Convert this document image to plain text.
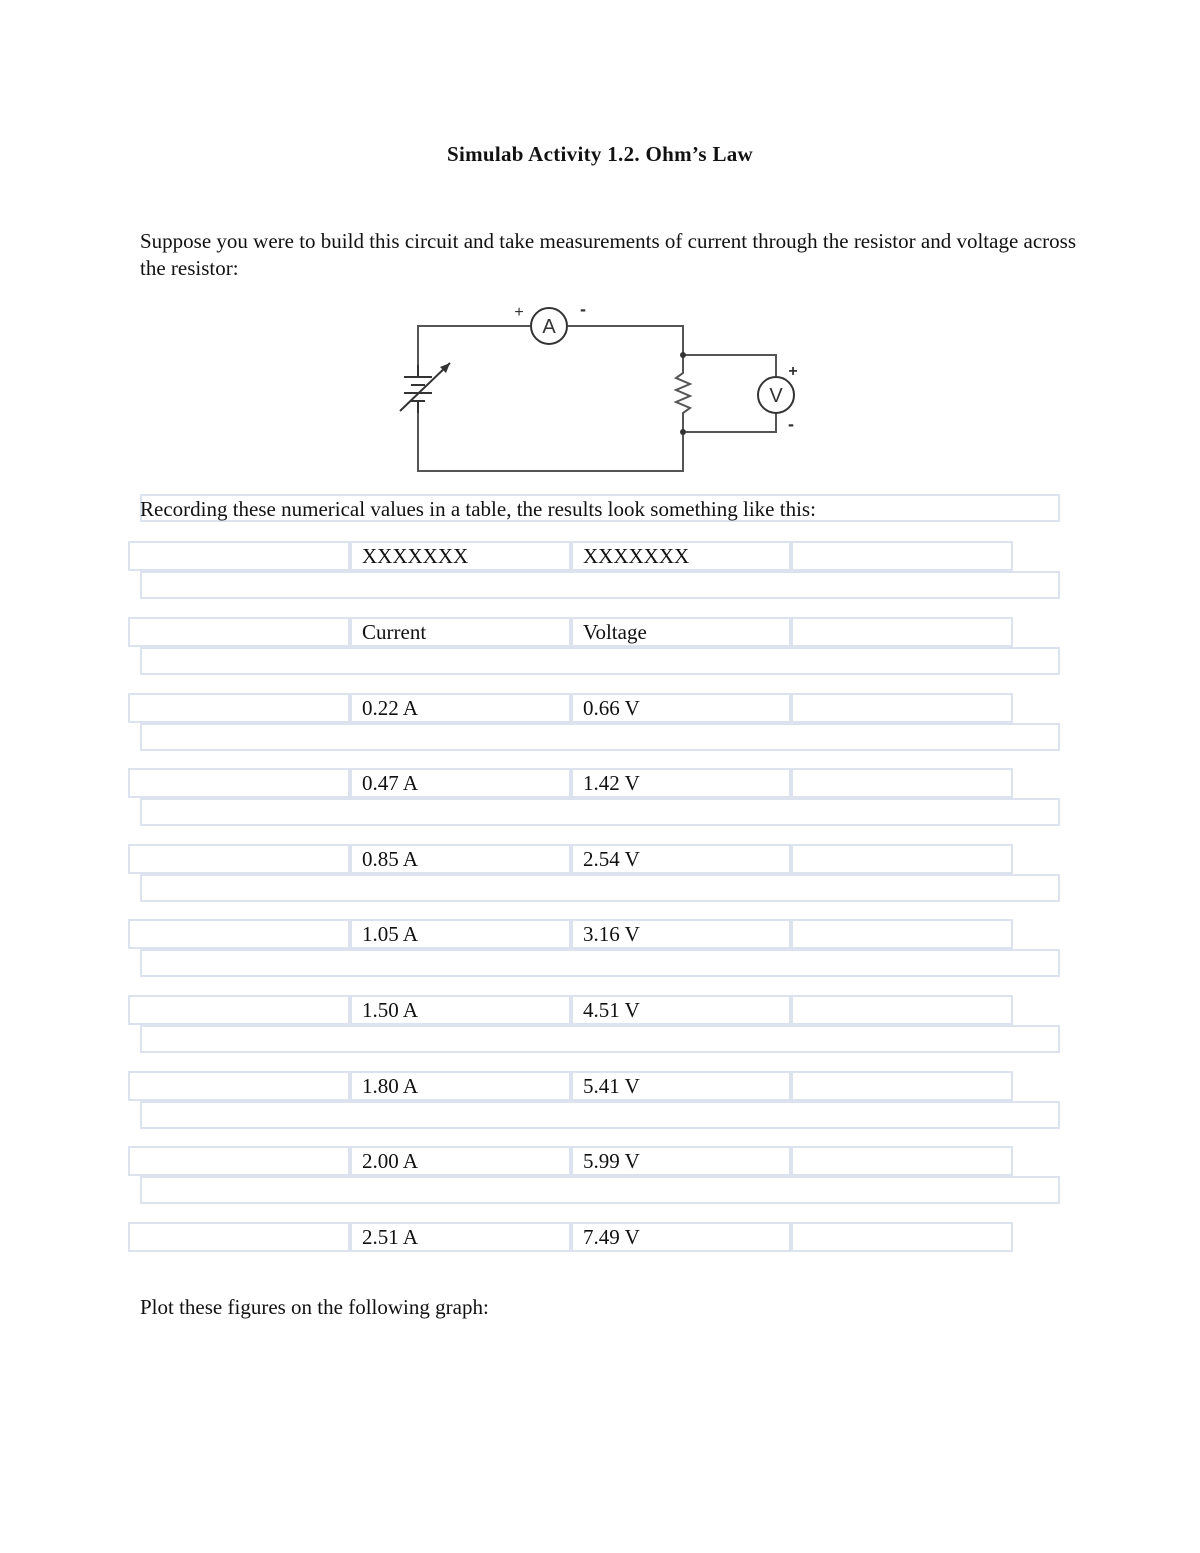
Simulab Activity 1.2. Ohm’s Law
Suppose you were to build this circuit and take measurements of current through the resistor and voltage across the resistor:
A
+	-
V
+
-
Recording these numerical values in a table, the results look something like this:
XXXXXXX	XXXXXXX
Current	Voltage
0.22 A	0.66 V
0.47 A	1.42 V
0.85 A	2.54 V
1.05 A	3.16 V
1.50 A	4.51 V
1.80 A	5.41 V
2.00 A	5.99 V
2.51 A	7.49 V
Plot these figures on the following graph:
